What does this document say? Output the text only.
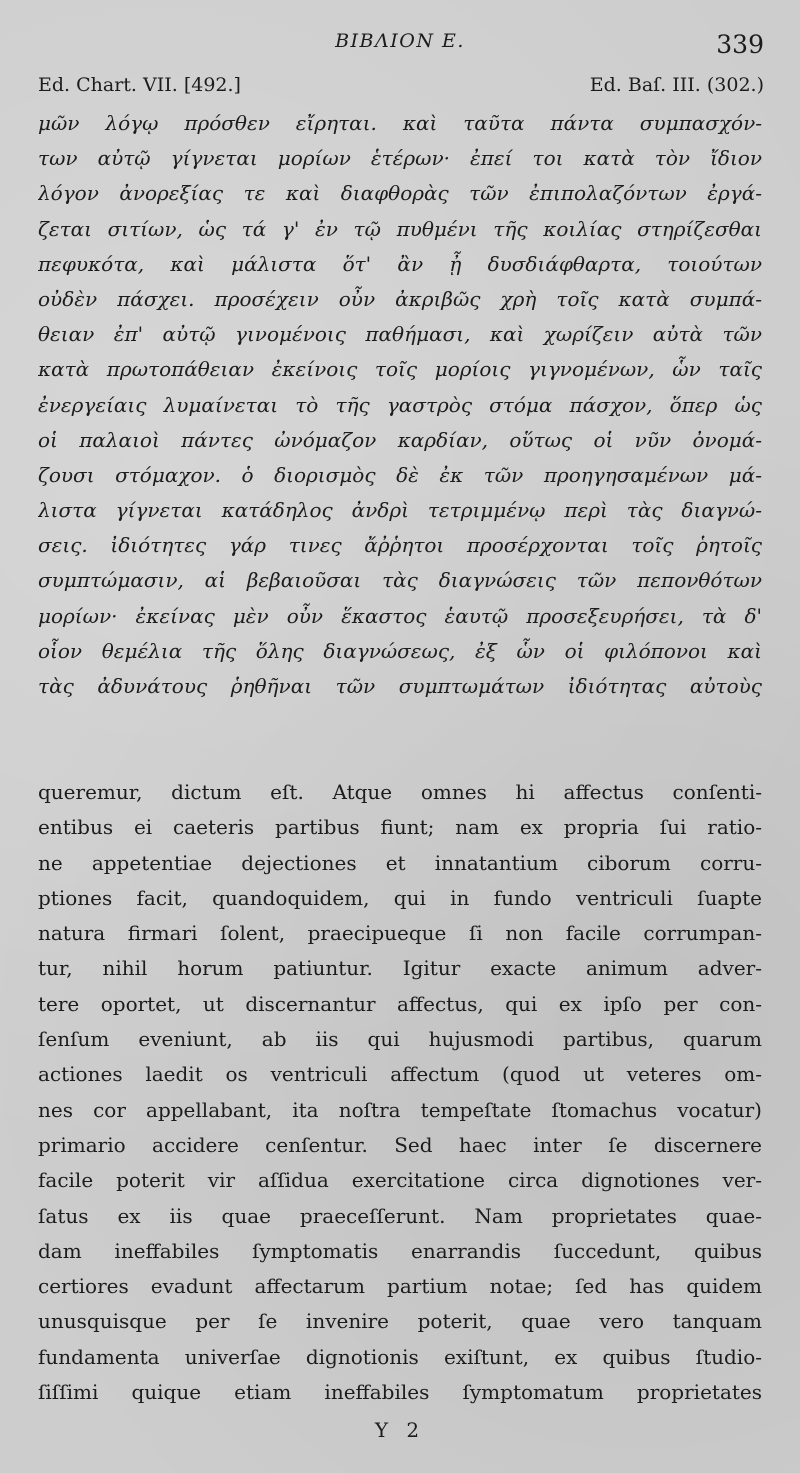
BIBΛΙΟΝ E.	339
Ed. Chart. VII. [492.]	Ed. Baſ. III. (302.)
μῶν λόγῳ πρόσθεν εἴρηται. καὶ ταῦτα πάντα συμπασχόν-
των αὐτῷ γίγνεται μορίων ἑτέρων· ἐπεί τοι κατὰ τὸν ἴδιον
λόγον ἀνορεξίας τε καὶ διαφθορὰς τῶν ἐπιπολαζόντων ἐργά-
ζεται σιτίων, ὡς τά γ' ἐν τῷ πυθμένι τῆς κοιλίας στηρίζεσθαι
πεφυκότα, καὶ μάλιστα ὅτ' ἂν ᾖ δυσδιάφθαρτα, τοιούτων
οὐδὲν πάσχει. προσέχειν οὖν ἀκριβῶς χρὴ τοῖς κατὰ συμπά-
θειαν ἐπ' αὐτῷ γινομένοις παθήμασι, καὶ χωρίζειν αὐτὰ τῶν
κατὰ πρωτοπάθειαν ἐκείνοις τοῖς μορίοις γιγνομένων, ὧν ταῖς
ἐνεργείαις λυμαίνεται τὸ τῆς γαστρὸς στόμα πάσχον, ὅπερ ὡς
οἱ παλαιοὶ πάντες ὠνόμαζον καρδίαν, οὕτως οἱ νῦν ὀνομά-
ζουσι στόμαχον. ὁ διορισμὸς δὲ ἐκ τῶν προηγησαμένων μά-
λιστα γίγνεται κατάδηλος ἀνδρὶ τετριμμένῳ περὶ τὰς διαγνώ-
σεις. ἰδιότητες γάρ τινες ἄῤῥητοι προσέρχονται τοῖς ῥητοῖς
συμπτώμασιν, αἱ βεβαιοῦσαι τὰς διαγνώσεις τῶν πεπονθότων
μορίων· ἐκείνας μὲν οὖν ἕκαστος ἑαυτῷ προσεξευρήσει, τὰ δ'
οἷον θεμέλια τῆς ὅλης διαγνώσεως, ἐξ ὧν οἱ φιλόπονοι καὶ
τὰς ἀδυνάτους ῥηθῆναι τῶν συμπτωμάτων ἰδιότητας αὐτοὺς
queremur, dictum eſt. Atque omnes hi affectus conſenti-
entibus ei caeteris partibus fiunt; nam ex propria ſui ratio-
ne appetentiae dejectiones et innatantium ciborum corru-
ptiones facit, quandoquidem, qui in fundo ventriculi ſuapte
natura firmari ſolent, praecipueque ſi non facile corrumpan-
tur, nihil horum patiuntur. Igitur exacte animum adver-
tere oportet, ut discernantur affectus, qui ex ipſo per con-
ſenſum eveniunt, ab iis qui hujusmodi partibus, quarum
actiones laedit os ventriculi affectum (quod ut veteres om-
nes cor appellabant, ita noſtra tempeſtate ſtomachus vocatur)
primario accidere cenſentur. Sed haec inter ſe discernere
facile poterit vir aſſidua exercitatione circa dignotiones ver-
ſatus ex iis quae praeceſſerunt. Nam proprietates quae-
dam ineffabiles ſymptomatis enarrandis ſuccedunt, quibus
certiores evadunt affectarum partium notae; ſed has quidem
unusquisque per ſe invenire poterit, quae vero tanquam
fundamenta univerſae dignotionis exiſtunt, ex quibus ſtudio-
ſiſſimi quique etiam ineffabiles ſymptomatum proprietates
Y 2
